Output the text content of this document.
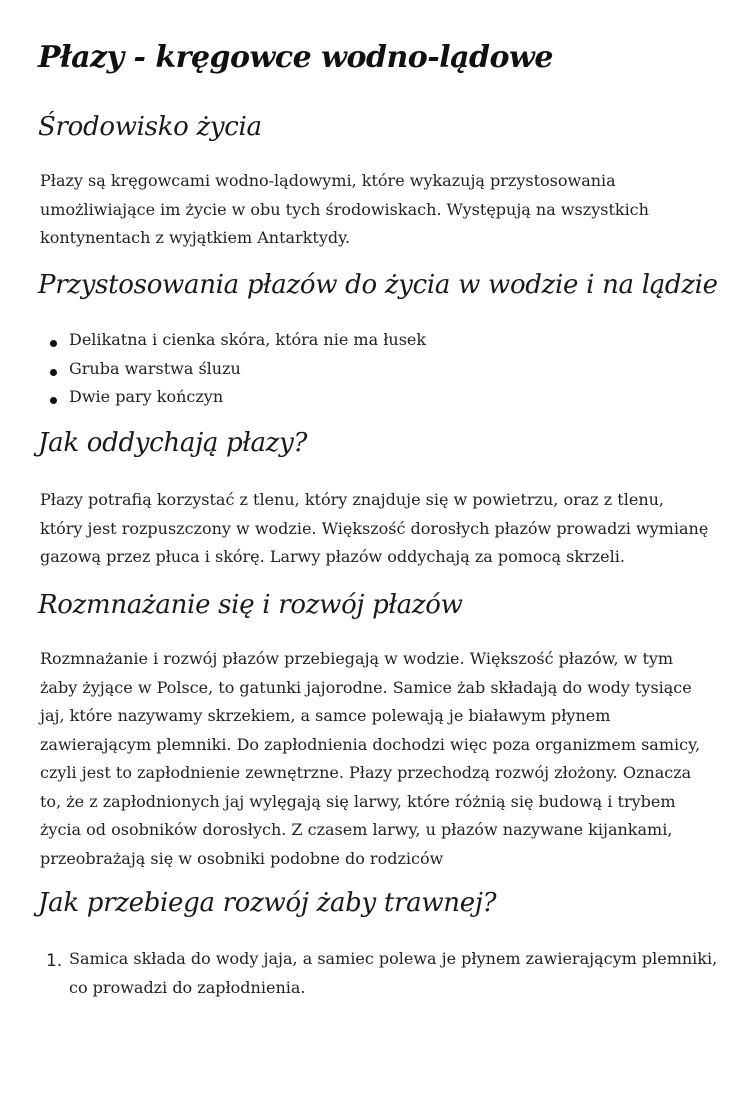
Płazy - kręgowce wodno-lądowe
Środowisko życia

Płazy są kręgowcami wodno-lądowymi, które wykazują przystosowania umożliwiające im życie w obu tych środowiskach. Występują na wszystkich kontynentach z wyjątkiem Antarktydy.

Przystosowania płazów do życia w wodzie i na lądzie
Delikatna i cienka skóra, która nie ma łusek
Gruba warstwa śluzu
Dwie pary kończyn
Jak oddychają płazy?

Płazy potrafią korzystać z tlenu, który znajduje się w powietrzu, oraz z tlenu, który jest rozpuszczony w wodzie. Większość dorosłych płazów prowadzi wymianę gazową przez płuca i skórę. Larwy płazów oddychają za pomocą skrzeli.

Rozmnażanie się i rozwój płazów

Rozmnażanie i rozwój płazów przebiegają w wodzie. Większość płazów, w tym żaby żyjące w Polsce, to gatunki jajorodne. Samice żab składają do wody tysiące jaj, które nazywamy skrzekiem, a samce polewają je białawym płynem zawierającym plemniki. Do zapłodnienia dochodzi więc poza organizmem samicy, czyli jest to zapłodnienie zewnętrzne. Płazy przechodzą rozwój złożony. Oznacza to, że z zapłodnionych jaj wylęgają się larwy, które różnią się budową i trybem życia od osobników dorosłych. Z czasem larwy, u płazów nazywane kijankami, przeobrażają się w osobniki podobne do rodziców

Jak przebiega rozwój żaby trawnej?
1. Samica składa do wody jaja, a samiec polewa je płynem zawierającym plemniki, co prowadzi do zapłodnienia.
